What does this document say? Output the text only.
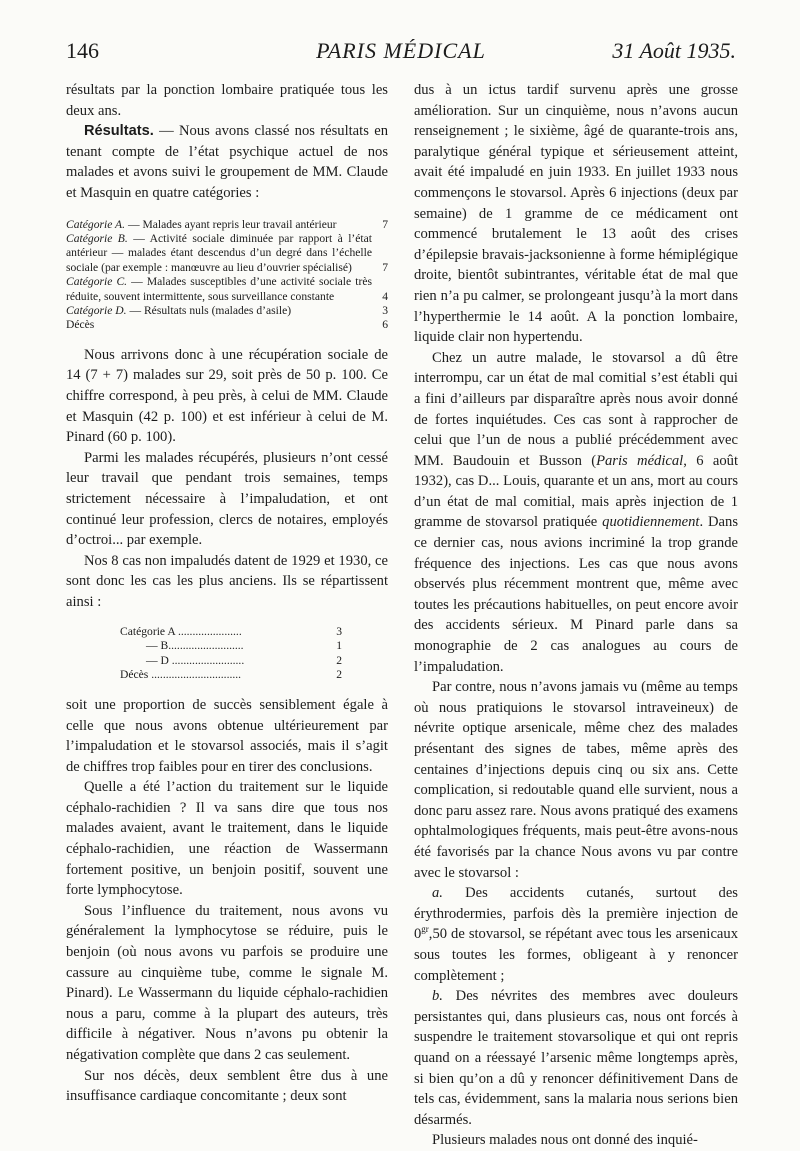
146	PARIS MÉDICAL	31 Août 1935.

résultats par la ponction lombaire pratiquée tous les deux ans.

Résultats. — Nous avons classé nos résultats en tenant compte de l’état psychique actuel de nos malades et avons suivi le groupement de MM. Claude et Masquin en quatre catégories :

Catégorie A. — Malades ayant repris leur travail antérieur	7
Catégorie B. — Activité sociale diminuée par rapport à l’état antérieur — malades étant descendus d’un degré dans l’échelle sociale (par exemple : manœuvre au lieu d’ouvrier spécialisé)	7
Catégorie C. — Malades susceptibles d’une activité sociale très réduite, souvent intermittente, sous surveillance constante	4
Catégorie D. — Résultats nuls (malades d’asile)	3
Décès	6

Nous arrivons donc à une récupération sociale de 14 (7 + 7) malades sur 29, soit près de 50 p. 100. Ce chiffre correspond, à peu près, à celui de MM. Claude et Masquin (42 p. 100) et est inférieur à celui de M. Pinard (60 p. 100).

Parmi les malades récupérés, plusieurs n’ont cessé leur travail que pendant trois semaines, temps strictement nécessaire à l’impaludation, et ont continué leur profession, clercs de notaires, employés d’octroi... par exemple.

Nos 8 cas non impaludés datent de 1929 et 1930, ce sont donc les cas les plus anciens. Ils se répartissent ainsi :

Catégorie A ......................	3
— B..........................	1
— D .........................	2
Décès ...............................	2

soit une proportion de succès sensiblement égale à celle que nous avons obtenue ultérieurement par l’impaludation et le stovarsol associés, mais il s’agit de chiffres trop faibles pour en tirer des conclusions.

Quelle a été l’action du traitement sur le liquide céphalo-rachidien ? Il va sans dire que tous nos malades avaient, avant le traitement, dans le liquide céphalo-rachidien, une réaction de Wassermann fortement positive, un benjoin positif, souvent une forte lymphocytose.

Sous l’influence du traitement, nous avons vu généralement la lymphocytose se réduire, puis le benjoin (où nous avons vu parfois se produire une cassure au cinquième tube, comme le signale M. Pinard). Le Wassermann du liquide céphalo-rachidien nous a paru, comme à la plupart des auteurs, très difficile à négativer. Nous n’avons pu obtenir la négativation complète que dans 2 cas seulement.

Sur nos décès, deux semblent être dus à une insuffisance cardiaque concomitante ; deux sont

dus à un ictus tardif survenu après une grosse amélioration. Sur un cinquième, nous n’avons aucun renseignement ; le sixième, âgé de quarante-trois ans, paralytique général typique et sérieusement atteint, avait été impaludé en juin 1933. En juillet 1933 nous commençons le stovarsol. Après 6 injections (deux par semaine) de 1 gramme de ce médicament ont commencé brutalement le 13 août des crises d’épilepsie bravais-jacksonienne à forme hémiplégique droite, bientôt subintrantes, véritable état de mal que rien n’a pu calmer, se prolongeant jusqu’à la mort dans l’hyperthermie le 14 août. A la ponction lombaire, liquide clair non hypertendu.

Chez un autre malade, le stovarsol a dû être interrompu, car un état de mal comitial s’est établi qui a fini d’ailleurs par disparaître après nous avoir donné de fortes inquiétudes. Ces cas sont à rapprocher de celui que l’un de nous a publié précédemment avec MM. Baudouin et Busson (Paris médical, 6 août 1932), cas D... Louis, quarante et un ans, mort au cours d’un état de mal comitial, mais après injection de 1 gramme de stovarsol pratiquée quotidiennement. Dans ce dernier cas, nous avions incriminé la trop grande fréquence des injections. Les cas que nous avons observés plus récemment montrent que, même avec toutes les précautions habituelles, on peut encore avoir des accidents sérieux. M Pinard parle dans sa monographie de 2 cas analogues au cours de l’impaludation.

Par contre, nous n’avons jamais vu (même au temps où nous pratiquions le stovarsol intraveineux) de névrite optique arsenicale, même chez des malades présentant des signes de tabes, même après des centaines d’injections depuis cinq ou six ans. Cette complication, si redoutable quand elle survient, nous a donc paru assez rare. Nous avons pratiqué des examens ophtalmologiques fréquents, mais peut-être avons-nous été favorisés par la chance Nous avons vu par contre avec le stovarsol :

a. Des accidents cutanés, surtout des érythrodermies, parfois dès la première injection de $0^{gr},50$ de stovarsol, se répétant avec tous les arsenicaux sous toutes les formes, obligeant à y renoncer complètement ;

b. Des névrites des membres avec douleurs persistantes qui, dans plusieurs cas, nous ont forcés à suspendre le traitement stovarsolique et qui ont repris quand on a réessayé l’arsenic même longtemps après, si bien qu’on a dû y renoncer définitivement Dans de tels cas, évidemment, sans la malaria nous serions bien désarmés.

Plusieurs malades nous ont donné des inquié-
